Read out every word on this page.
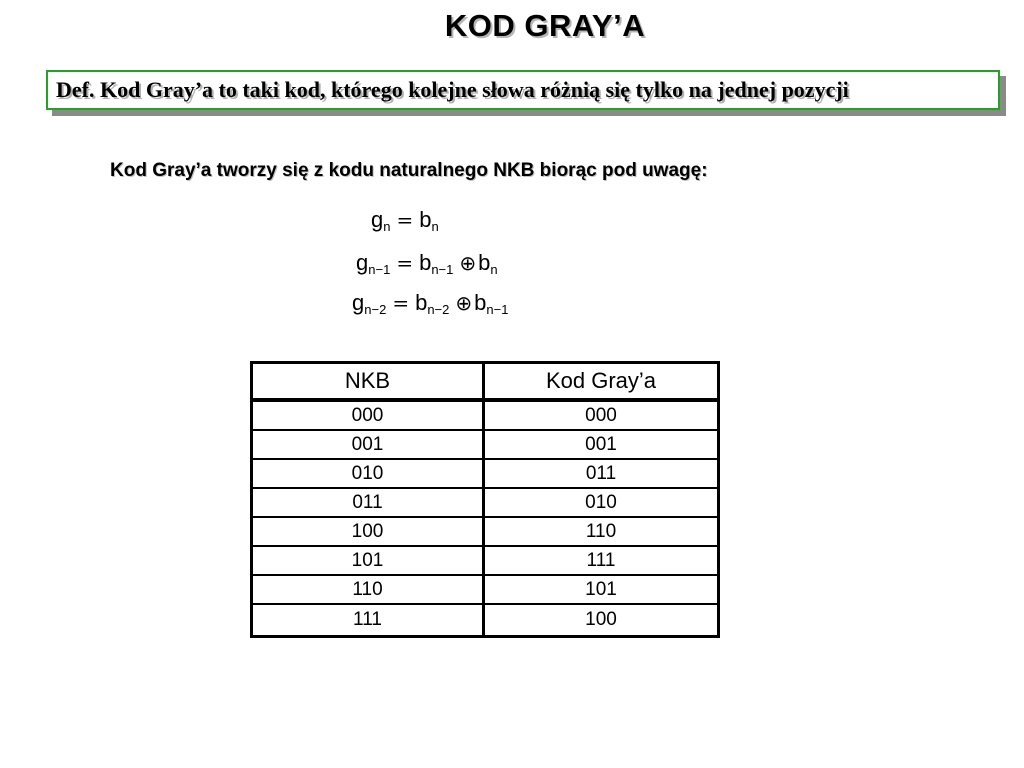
KOD GRAY’A
Def. Kod Gray’a to taki kod, którego kolejne słowa różnią się tylko na jednej pozycji
Kod Gray’a tworzy się z kodu naturalnego NKB biorąc pod uwagę:
$g_n = b_n$
$g_{n-1} = b_{n-1}$ $\oplus b_n$
$g_{n-2} = b_{n-2}$ $\oplus b_{n-1}$
NKB	Kod Gray’a
000	000
001	001
010	011
011	010
100	110
101	111
110	101
111	100
